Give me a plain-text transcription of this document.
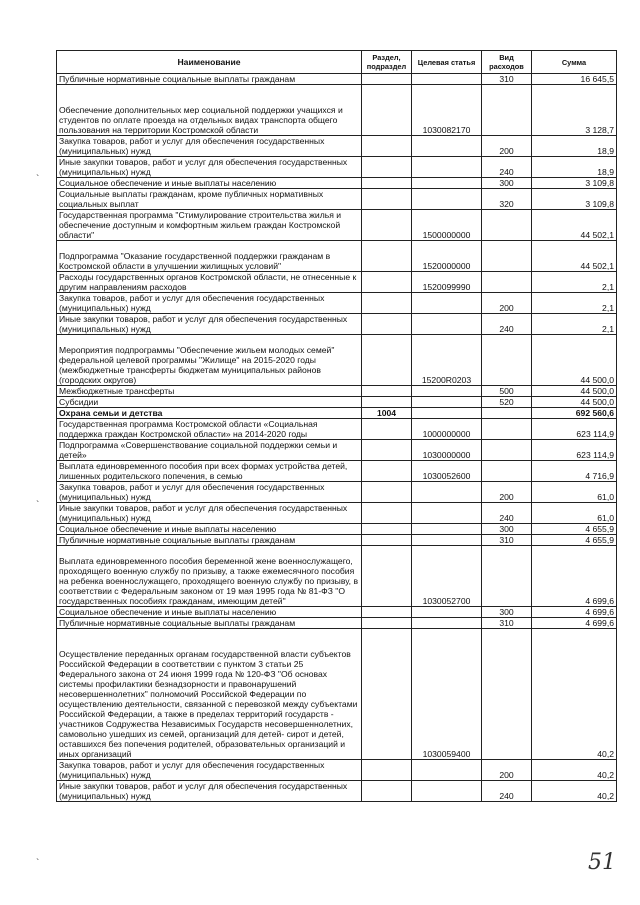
Наименование	Раздел, подраздел	Целевая статья	Вид расходов	Сумма
Публичные нормативные социальные выплаты гражданам			310	16 645,5
Обеспечение дополнительных мер социальной поддержки учащихся и студентов по оплате проезда на отдельных видах транспорта общего пользования на территории Костромской области		1030082170		3 128,7
Закупка товаров, работ и услуг для обеспечения государственных (муниципальных) нужд			200	18,9
Иные закупки товаров, работ и услуг для обеспечения государственных (муниципальных) нужд			240	18,9
Социальное обеспечение и иные выплаты населению			300	3 109,8
Социальные выплаты гражданам, кроме публичных нормативных социальных выплат			320	3 109,8
Государственная программа "Стимулирование строительства жилья и обеспечение доступным и комфортным жильем граждан Костромской области"		1500000000		44 502,1
Подпрограмма "Оказание государственной поддержки гражданам в Костромской области в улучшении жилищных условий"		1520000000		44 502,1
Расходы государственных органов Костромской области, не отнесенные к другим направлениям расходов		1520099990		2,1
Закупка товаров, работ и услуг для обеспечения государственных (муниципальных) нужд			200	2,1
Иные закупки товаров, работ и услуг для обеспечения государственных (муниципальных) нужд			240	2,1
Мероприятия подпрограммы "Обеспечение жильем молодых семей" федеральной целевой программы "Жилище" на 2015-2020 годы (межбюджетные трансферты бюджетам муниципальных районов (городских округов)		15200R0203		44 500,0
Межбюджетные трансферты			500	44 500,0
Субсидии			520	44 500,0
Охрана семьи и детства	1004			692 560,6
Государственная программа Костромской области «Социальная поддержка граждан Костромской области» на 2014-2020 годы		1000000000		623 114,9
Подпрограмма «Совершенствование социальной поддержки семьи и детей»		1030000000		623 114,9
Выплата единовременного пособия при всех формах устройства детей, лишенных родительского попечения, в семью		1030052600		4 716,9
Закупка товаров, работ и услуг для обеспечения государственных (муниципальных) нужд			200	61,0
Иные закупки товаров, работ и услуг для обеспечения государственных (муниципальных) нужд			240	61,0
Социальное обеспечение и иные выплаты населению			300	4 655,9
Публичные нормативные социальные выплаты гражданам			310	4 655,9
Выплата единовременного пособия беременной жене военнослужащего, проходящего военную службу по призыву, а также ежемесячного пособия на ребенка военнослужащего, проходящего военную службу по призыву, в соответствии с Федеральным законом от 19 мая 1995 года № 81-ФЗ "О государственных пособиях гражданам, имеющим детей"		1030052700		4 699,6
Социальное обеспечение и иные выплаты населению			300	4 699,6
Публичные нормативные социальные выплаты гражданам			310	4 699,6
Осуществление переданных органам государственной власти субъектов Российской Федерации в соответствии с пунктом 3 статьи 25 Федерального закона от 24 июня 1999 года № 120-ФЗ "Об основах системы профилактики безнадзорности и правонарушений несовершеннолетних" полномочий Российской Федерации по осуществлению деятельности, связанной с перевозкой между субъектами Российской Федерации, а также в пределах территорий государств - участников Содружества Независимых Государств несовершеннолетних, самовольно ушедших из семей, организаций для детей- сирот и детей, оставшихся без попечения родителей, образовательных организаций и иных организаций		1030059400		40,2
Закупка товаров, работ и услуг для обеспечения государственных (муниципальных) нужд			200	40,2
Иные закупки товаров, работ и услуг для обеспечения государственных (муниципальных) нужд			240	40,2
`
`
`	51
